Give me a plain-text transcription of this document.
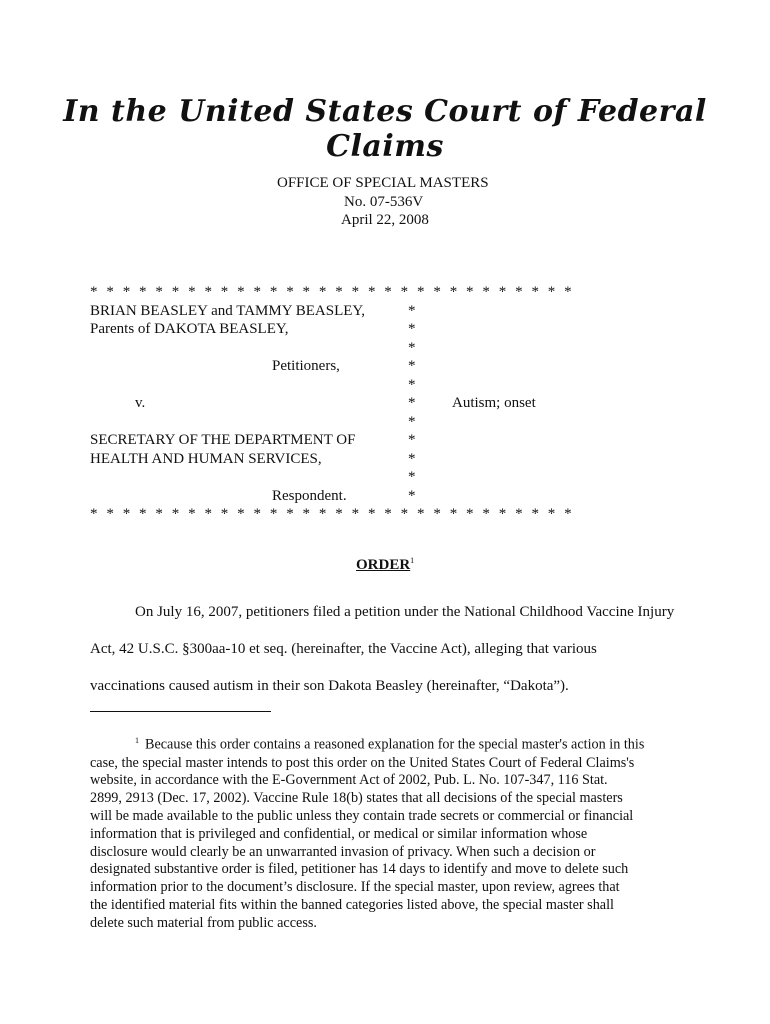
In the United States Court of Federal Claims
OFFICE OF SPECIAL MASTERS
No. 07-536V
April 22, 2008
* * * * * * * * * * * * * * * * * * * * * * * * * * * * * *
BRIAN BEASLEY and TAMMY BEASLEY,	*
Parents of DAKOTA BEASLEY,	*
*
Petitioners,	*
*
v.	* Autism; onset
*
SECRETARY OF THE DEPARTMENT OF	*
HEALTH AND HUMAN SERVICES,	*
*
Respondent.	*
* * * * * * * * * * * * * * * * * * * * * * * * * * * * * *
ORDER$^1$
On July 16, 2007, petitioners filed a petition under the National Childhood Vaccine Injury
Act, 42 U.S.C. §300aa-10 et seq. (hereinafter, the Vaccine Act), alleging that various
vaccinations caused autism in their son Dakota Beasley (hereinafter, “Dakota”).
$^1$ Because this order contains a reasoned explanation for the special master's action in this
case, the special master intends to post this order on the United States Court of Federal Claims's
website, in accordance with the E-Government Act of 2002, Pub. L. No. 107-347, 116 Stat.
2899, 2913 (Dec. 17, 2002). Vaccine Rule 18(b) states that all decisions of the special masters
will be made available to the public unless they contain trade secrets or commercial or financial
information that is privileged and confidential, or medical or similar information whose
disclosure would clearly be an unwarranted invasion of privacy. When such a decision or
designated substantive order is filed, petitioner has 14 days to identify and move to delete such
information prior to the document’s disclosure. If the special master, upon review, agrees that
the identified material fits within the banned categories listed above, the special master shall
delete such material from public access.
